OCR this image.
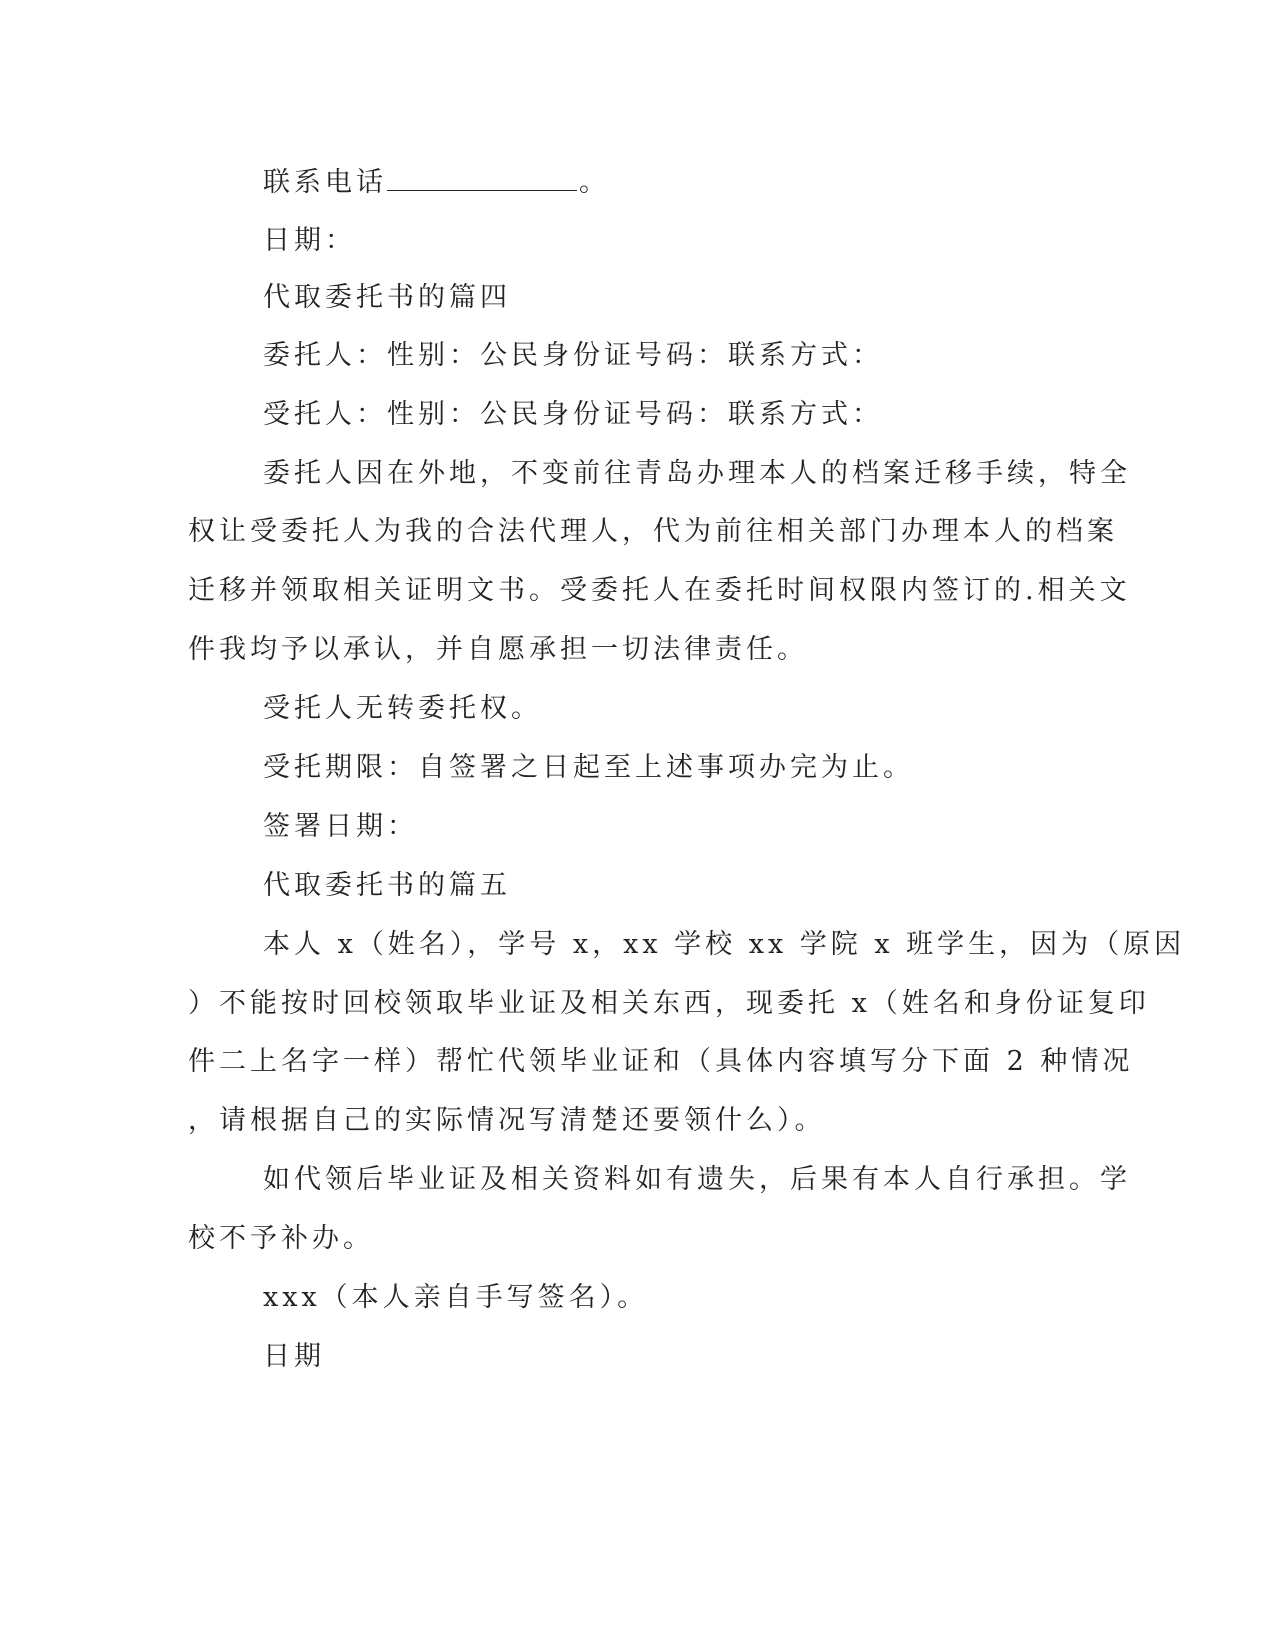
联系电话	。
日期：
代取委托书的篇四
委托人：性别：公民身份证号码：联系方式：
受托人：性别：公民身份证号码：联系方式：
委托人因在外地，不变前往青岛办理本人的档案迁移手续，特全
权让受委托人为我的合法代理人，代为前往相关部门办理本人的档案
迁移并领取相关证明文书。受委托人在委托时间权限内签订的.相关文
件我均予以承认，并自愿承担一切法律责任。
受托人无转委托权。
受托期限：自签署之日起至上述事项办完为止。
签署日期：
代取委托书的篇五
本人 x（姓名），学号 x，xx 学校 xx 学院 x 班学生，因为（原因
）不能按时回校领取毕业证及相关东西，现委托 x（姓名和身份证复印
件二上名字一样）帮忙代领毕业证和（具体内容填写分下面 2 种情况
，请根据自己的实际情况写清楚还要领什么）。
如代领后毕业证及相关资料如有遗失，后果有本人自行承担。学
校不予补办。
xxx（本人亲自手写签名）。
日期
